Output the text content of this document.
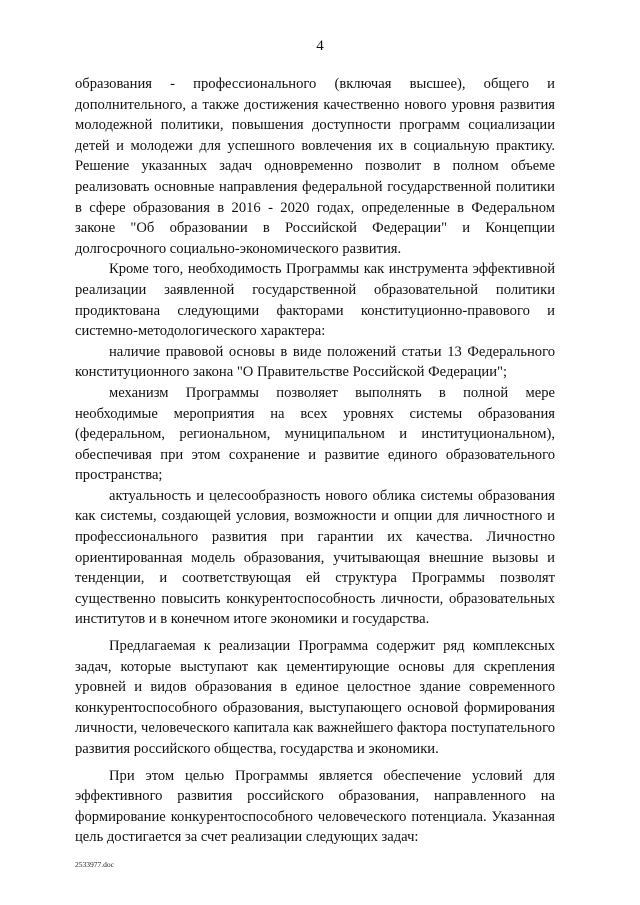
4

образования - профессионального (включая высшее), общего и дополнительного, а также достижения качественно нового уровня развития молодежной политики, повышения доступности программ социализации детей и молодежи для успешного вовлечения их в социальную практику. Решение указанных задач одновременно позволит в полном объеме реализовать основные направления федеральной государственной политики в сфере образования в 2016 - 2020 годах, определенные в Федеральном законе "Об образовании в Российской Федерации" и Концепции долгосрочного социально-экономического развития.

Кроме того, необходимость Программы как инструмента эффективной реализации заявленной государственной образовательной политики продиктована следующими факторами конституционно-правового и системно-методологического характера:

наличие правовой основы в виде положений статьи 13 Федерального конституционного закона "О Правительстве Российской Федерации";

механизм Программы позволяет выполнять в полной мере необходимые мероприятия на всех уровнях системы образования (федеральном, региональном, муниципальном и институциональном), обеспечивая при этом сохранение и развитие единого образовательного пространства;

актуальность и целесообразность нового облика системы образования как системы, создающей условия, возможности и опции для личностного и профессионального развития при гарантии их качества. Личностно ориентированная модель образования, учитывающая внешние вызовы и тенденции, и соответствующая ей структура Программы позволят существенно повысить конкурентоспособность личности, образовательных институтов и в конечном итоге экономики и государства.

Предлагаемая к реализации Программа содержит ряд комплексных задач, которые выступают как цементирующие основы для скрепления уровней и видов образования в единое целостное здание современного конкурентоспособного образования, выступающего основой формирования личности, человеческого капитала как важнейшего фактора поступательного развития российского общества, государства и экономики.

При этом целью Программы является обеспечение условий для эффективного развития российского образования, направленного на формирование конкурентоспособного человеческого потенциала. Указанная цель достигается за счет реализации следующих задач:

2533977.doc
